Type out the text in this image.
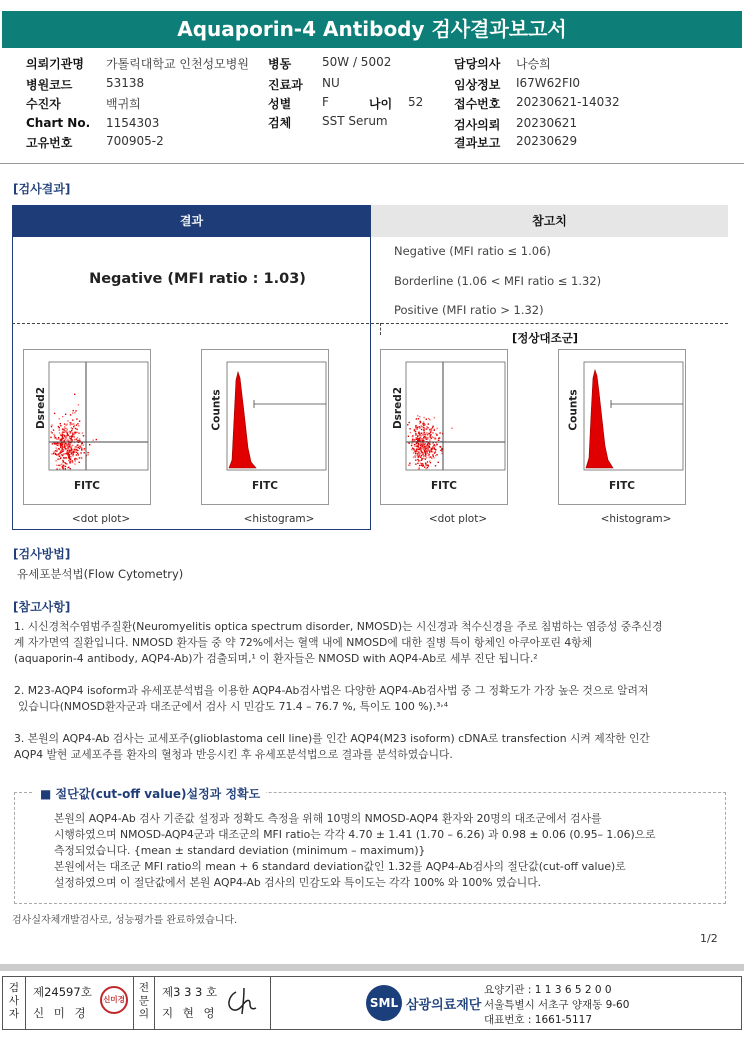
Aquaporin-4 Antibody 검사결과보고서
의뢰기관명 가톨릭대학교 인천성모병원
병원코드	53138
수진자	백귀희
Chart No. 1154303
고유번호	700905-2
병동	50W / 5002
진료과 NU
성별	F	나이 52
검체	SST Serum
담당의사 나승희
임상정보 I67W62FI0
접수번호 20230621-14032
검사의뢰 20230621
결과보고 20230629
[검사결과]
결과	참고치
Negative (MFI ratio : 1.03)
Negative (MFI ratio ≤ 1.06)
Borderline (1.06 < MFI ratio ≤ 1.32)
Positive (MFI ratio > 1.32)
[정상대조군]
Dsred2
FITC
<dot plot>
Counts
FITC
<histogram>
Dsred2
FITC
<dot plot>
Counts
FITC
<histogram>
[검사방법]
유세포분석법(Flow Cytometry)
[참고사항]
1. 시신경척수염범주질환(Neuromyelitis optica spectrum disorder, NMOSD)는 시신경과 척수신경을 주로 침범하는 염증성 중추신경
계 자가면역 질환입니다. NMOSD 환자들 중 약 72%에서는 혈액 내에 NMOSD에 대한 질병 특이 항체인 아쿠아포린 4항체
(aquaporin-4 antibody, AQP4-Ab)가 검출되며,¹ 이 환자들은 NMOSD with AQP4-Ab로 세부 진단 됩니다.²
2. M23-AQP4 isoform과 유세포분석법을 이용한 AQP4-Ab검사법은 다양한 AQP4-Ab검사법 중 그 정확도가 가장 높은 것으로 알려져
있습니다(NMOSD환자군과 대조군에서 검사 시 민감도 71.4 – 76.7 %, 특이도 100 %).³˒⁴
3. 본원의 AQP4-Ab 검사는 교세포주(glioblastoma cell line)를 인간 AQP4(M23 isoform) cDNA로 transfection 시켜 제작한 인간
AQP4 발현 교세포주를 환자의 혈청과 반응시킨 후 유세포분석법으로 결과를 분석하였습니다.
■ 절단값(cut-off value)설정과 정확도
본원의 AQP4-Ab 검사 기준값 설정과 정확도 측정을 위해 10명의 NMOSD-AQP4 환자와 20명의 대조군에서 검사를
시행하였으며 NMOSD-AQP4군과 대조군의 MFI ratio는 각각 4.70 ± 1.41 (1.70 – 6.26) 과 0.98 ± 0.06 (0.95– 1.06)으로
측정되었습니다. {mean ± standard deviation (minimum – maximum)}
본원에서는 대조군 MFI ratio의 mean + 6 standard deviation값인 1.32를 AQP4-Ab검사의 절단값(cut-off value)로
설정하였으며 이 절단값에서 본원 AQP4-Ab 검사의 민감도와 특이도는 각각 100% 와 100% 였습니다.
검사실자체개발검사로, 성능평가를 완료하였습니다.
1/2
검사자
제24597호
신 미 경
신미경
전문의
제3 3 3 호
지 현 영
SML 삼광의료재단
요양기관 : 1 1 3 6 5 2 0 0
서울특별시 서초구 양재동 9-60
대표번호 : 1661-5117
